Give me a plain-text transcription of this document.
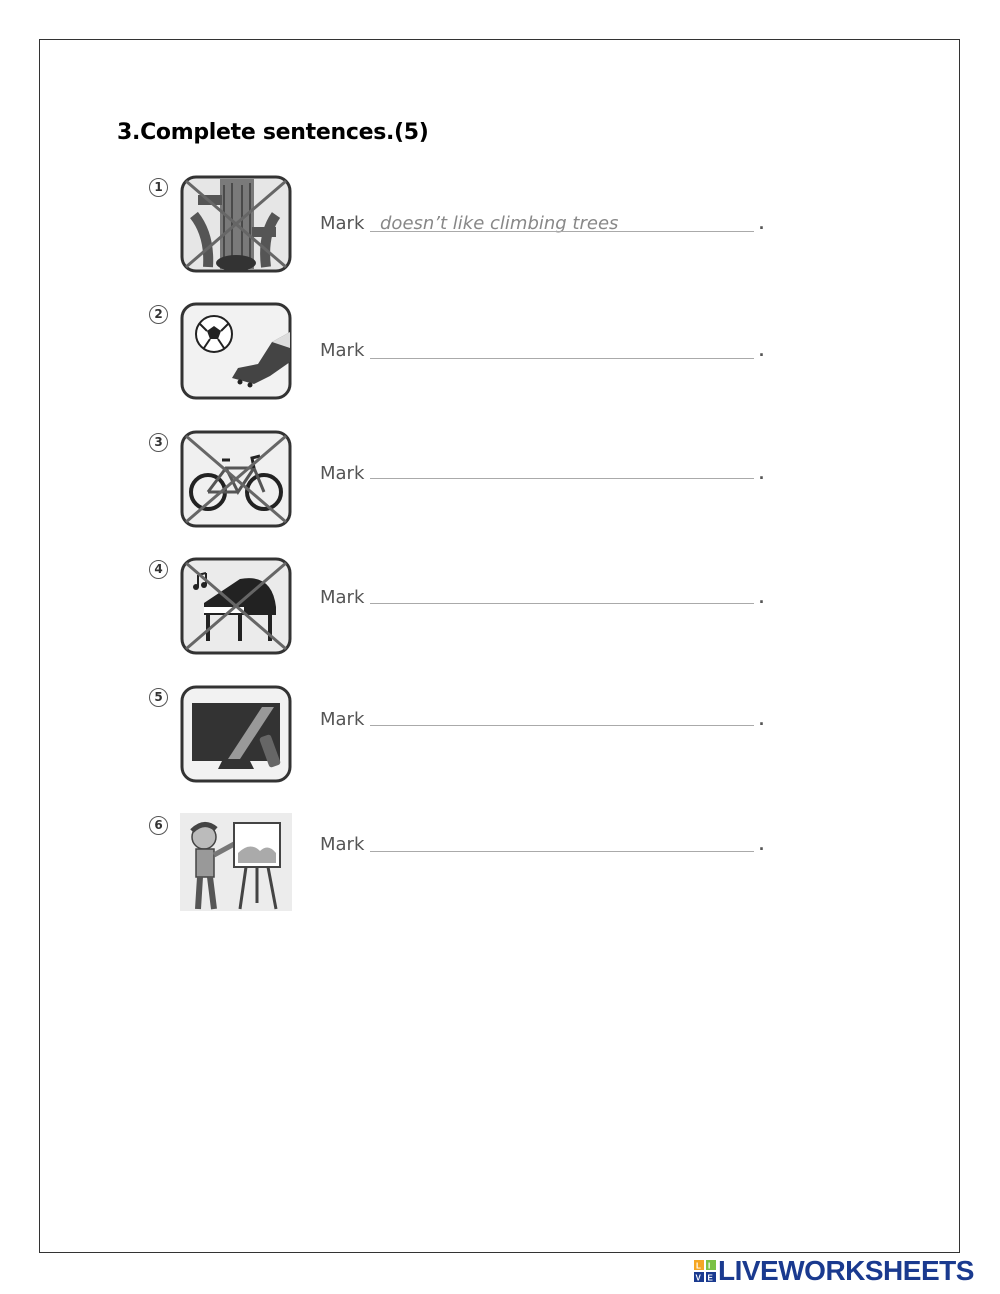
3.Complete sentences.(5)
1
Mark doesn’t like climbing trees	.
2
Mark	.
3
Mark	.
4
Mark	.
5
Mark	.
6
Mark	.
L I
V E LIVEWORKSHEETS
